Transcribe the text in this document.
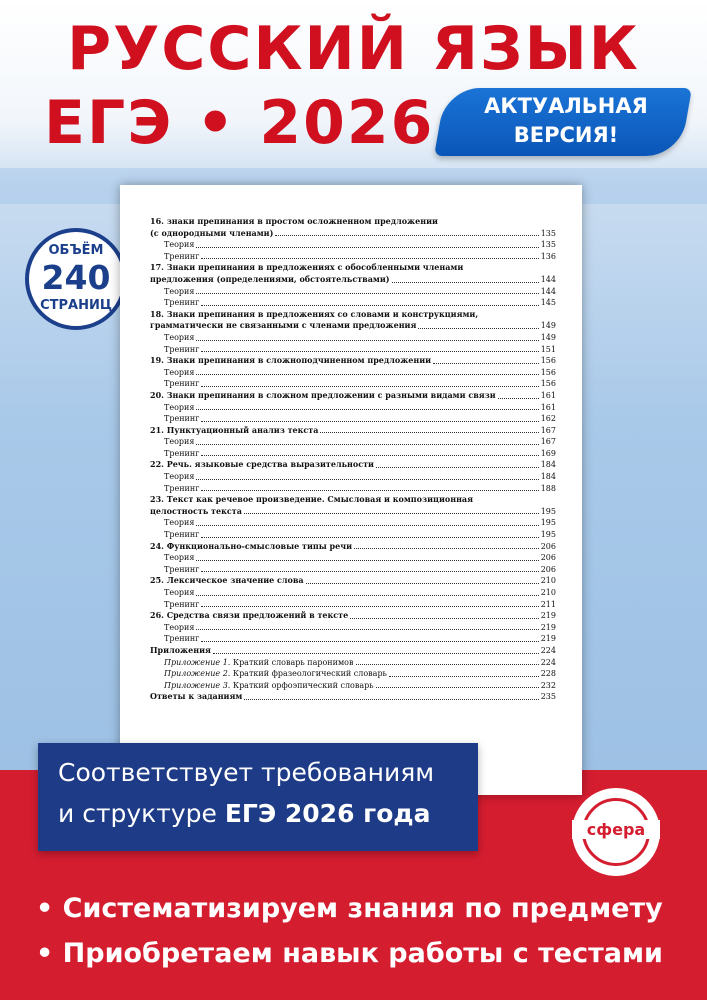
РУССКИЙ ЯЗЫК
ЕГЭ • 2026	АКТУАЛЬНАЯ
ВЕРСИЯ!
ОБЪЁМ
240
СТРАНИЦ
16. знаки препинания в простом осложненном предложении
(с однородными членами)	135
Теория	135
Тренинг	136
17. Знаки препинания в предложениях с обособленными членами
предложения (определениями, обстоятельствами)	144
Теория	144
Тренинг	145
18. Знаки препинания в предложениях со словами и конструкциями,
грамматически не связанными с членами предложения	149
Теория	149
Тренинг	151
19. Знаки препинания в сложноподчиненном предложении	156
Теория	156
Тренинг	156
20. Знаки препинания в сложном предложении с разными видами связи	161
Теория	161
Тренинг	162
21. Пунктуационный анализ текста	167
Теория	167
Тренинг	169
22. Речь. языковые средства выразительности	184
Теория	184
Тренинг	188
23. Текст как речевое произведение. Смысловая и композиционная
целостность текста	195
Теория	195
Тренинг	195
24. Функционально-смысловые типы речи	206
Теория	206
Тренинг	206
25. Лексическое значение слова	210
Теория	210
Тренинг	211
26. Средства связи предложений в тексте	219
Теория	219
Тренинг	219
Приложения	224
Приложение 1. Краткий словарь паронимов	224
Приложение 2. Краткий фразеологический словарь	228
Приложение 3. Краткий орфоэпический словарь	232
Ответы к заданиям	235
Соответствует требованиям
и структуре ЕГЭ 2026 года
сфера
• Систематизируем знания по предмету
• Приобретаем навык работы с тестами
